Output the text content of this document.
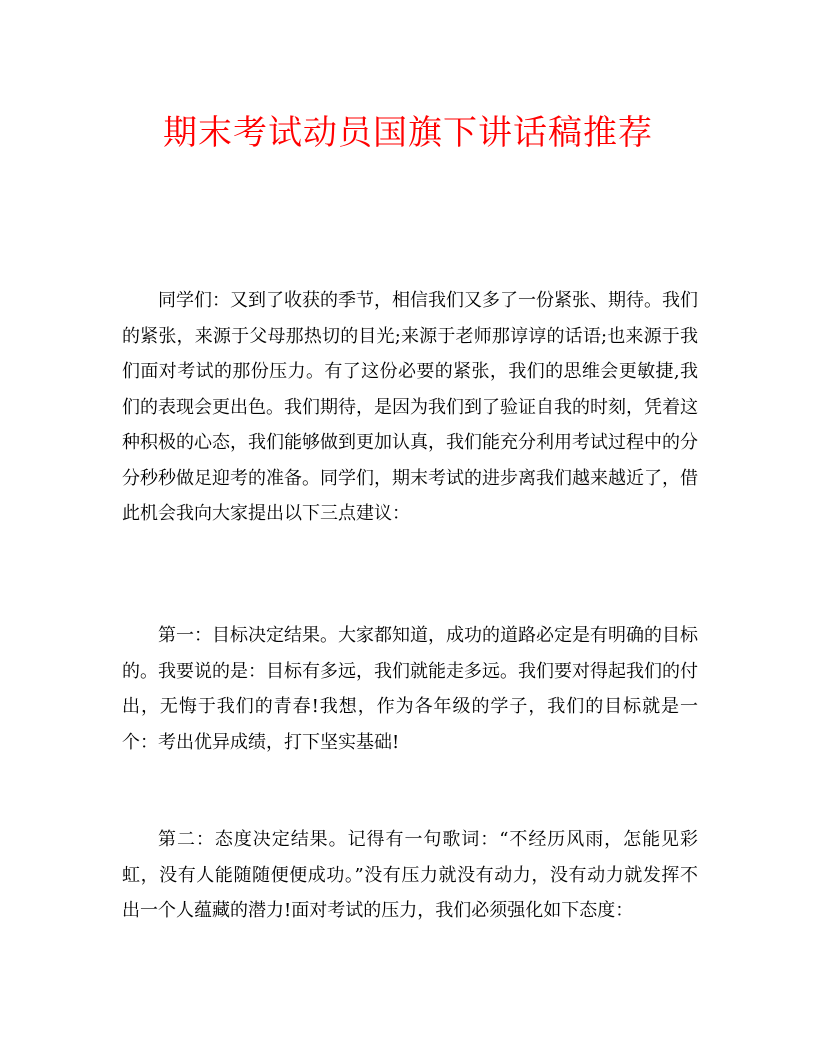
期末考试动员国旗下讲话稿推荐

同学们：又到了收获的季节，相信我们又多了一份紧张、期待。我们的紧张，来源于父母那热切的目光;来源于老师那谆谆的话语;也来源于我们面对考试的那份压力。有了这份必要的紧张，我们的思维会更敏捷,我们的表现会更出色。我们期待，是因为我们到了验证自我的时刻，凭着这种积极的心态，我们能够做到更加认真，我们能充分利用考试过程中的分分秒秒做足迎考的准备。同学们，期末考试的进步离我们越来越近了，借此机会我向大家提出以下三点建议：

第一：目标决定结果。大家都知道，成功的道路必定是有明确的目标的。我要说的是：目标有多远，我们就能走多远。我们要对得起我们的付出，无悔于我们的青春!我想，作为各年级的学子，我们的目标就是一个：考出优异成绩，打下坚实基础!

第二：态度决定结果。记得有一句歌词：“不经历风雨，怎能见彩虹，没有人能随随便便成功。”没有压力就没有动力，没有动力就发挥不出一个人蕴藏的潜力!面对考试的压力，我们必须强化如下态度：
